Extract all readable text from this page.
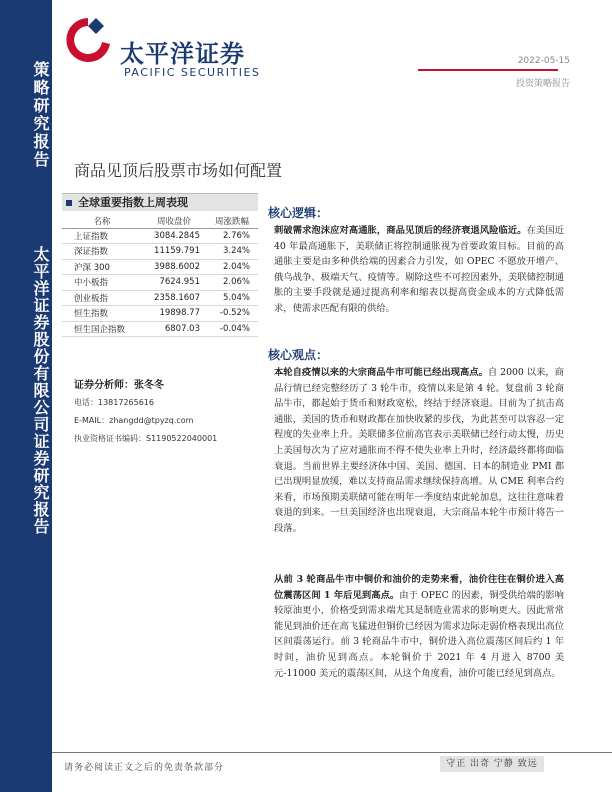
策略研究报告
太平洋证券股份有限公司证券研究报告
太平洋证券
PACIFIC SECURITIES
2022-05-15
投资策略报告
商品见顶后股票市场如何配置
全球重要指数上周表现
名称	周收盘价	周涨跌幅
上证指数	3084.2845	2.76%
深证指数	11159.791	3.24%
沪深 300	3988.6002	2.04%
中小板指	7624.951	2.06%
创业板指	2358.1607	5.04%
恒生指数	19898.77	-0.52%
恒生国企指数	6807.03	-0.04%
证券分析师：张冬冬
电话：13817265616
E-MAIL：zhangdd@tpyzq.com
执业资格证书编码：S1190522040001
核心逻辑：
刺破需求泡沫应对高通胀，商品见顶后的经济衰退风险临近。在美国近 40 年最高通胀下，美联储正将控制通胀视为首要政策目标。目前的高通胀主要是由多种供给端的因素合力引发，如 OPEC 不愿放开增产、俄乌战争、极端天气、疫情等。剔除这些不可控因素外，美联储控制通胀的主要手段就是通过提高利率和缩表以提高资金成本的方式降低需求，使需求匹配有限的供给。
核心观点：
本轮自疫情以来的大宗商品牛市可能已经出现高点。自 2000 以来，商品行情已经完整经历了 3 轮牛市，疫情以来是第 4 轮。复盘前 3 轮商品牛市，都起始于货币和财政宽松，终结于经济衰退。目前为了抗击高通胀，美国的货币和财政都在加快收紧的步伐，为此甚至可以容忍一定程度的失业率上升。美联储多位前高官表示美联储已经行动太慢，历史上美国每次为了应对通胀而不得不使失业率上升时，经济最终都将面临衰退。当前世界主要经济体中国、美国、德国、日本的制造业 PMI 都已出现明显放缓，难以支持商品需求继续保持高增。从 CME 利率合约来看，市场预期美联储可能在明年一季度结束此轮加息，这往往意味着衰退的到来。一旦美国经济也出现衰退，大宗商品本轮牛市预计将告一段落。
从前 3 轮商品牛市中铜价和油价的走势来看，油价往往在铜价进入高位震荡区间 1 年后见到高点。由于 OPEC 的因素，铜受供给端的影响较原油更小，价格受到需求端尤其是制造业需求的影响更大。因此常常能见到油价还在高飞猛进但铜价已经因为需求边际走弱价格表现出高位区间震荡运行。前 3 轮商品牛市中，铜价进入高位震荡区间后约 1 年时间，油价见到高点。本轮铜价于 2021 年 4 月进入 8700 美元-11000 美元的震荡区间，从这个角度看，油价可能已经见到高点。
请务必阅读正文之后的免责条款部分	守正 出奇 宁静 致远
